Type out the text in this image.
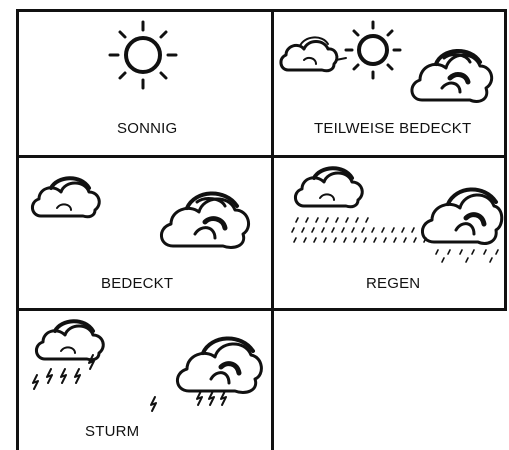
SONNIG	TEILWEISE BEDECKT
BEDECKT	REGEN
STURM
